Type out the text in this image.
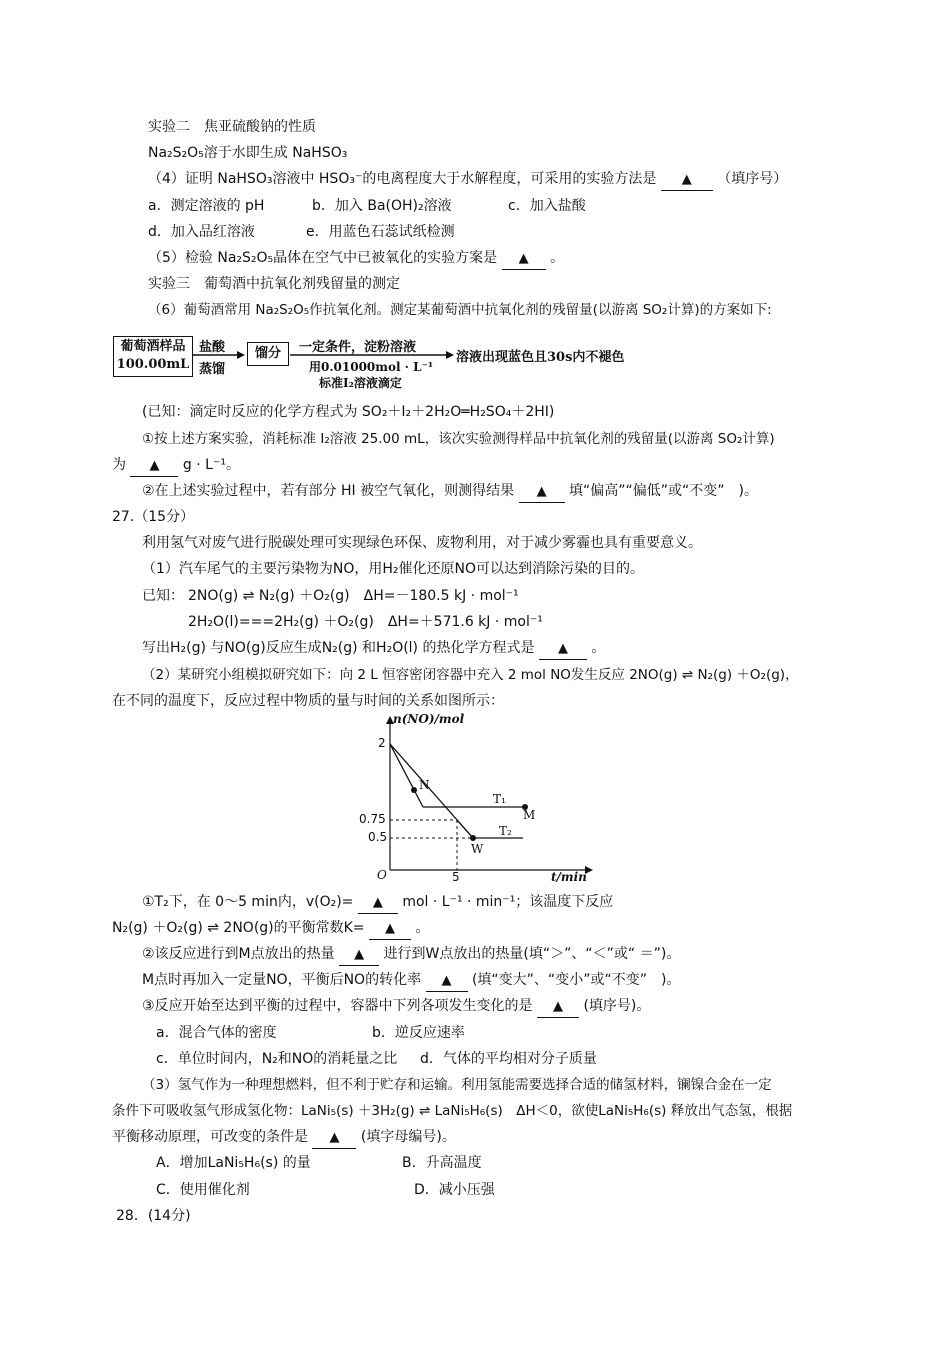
实验二　焦亚硫酸钠的性质
Na₂S₂O₅溶于水即生成 NaHSO₃
（4）证明 NaHSO₃溶液中 HSO₃⁻的电离程度大于水解程度，可采用的实验方法是 ▲ （填序号）
a．测定溶液的 pH	b．加入 Ba(OH)₂溶液	c．加入盐酸
d．加入品红溶液	e．用蓝色石蕊试纸检测
（5）检验 Na₂S₂O₅晶体在空气中已被氧化的实验方案是 ▲ 。
实验三　葡萄酒中抗氧化剂残留量的测定
（6）葡萄酒常用 Na₂S₂O₅作抗氧化剂。测定某葡萄酒中抗氧化剂的残留量(以游离 SO₂计算)的方案如下:
葡萄酒样品
100.00mL
盐酸
蒸馏
馏分	一定条件，淀粉溶液
用0.01000mol · L⁻¹
标准I₂溶液滴定
溶液出现蓝色且30s内不褪色
(已知：滴定时反应的化学方程式为 SO₂＋I₂＋2H₂O═H₂SO₄＋2HI)
①按上述方案实验，消耗标准 I₂溶液 25.00 mL，该次实验测得样品中抗氧化剂的残留量(以游离 SO₂计算)
为 ▲ g · L⁻¹。
②在上述实验过程中，若有部分 HI 被空气氧化，则测得结果 ▲ 填“偏高”“偏低”或“不变”　)。
27.（15分）
利用氢气对废气进行脱碳处理可实现绿色环保、废物利用，对于减少雾霾也具有重要意义。
（1）汽车尾气的主要污染物为NO，用H₂催化还原NO可以达到消除污染的目的。
已知： 2NO(g) ⇌ N₂(g) ＋O₂(g)　ΔH=－180.5 kJ · mol⁻¹
2H₂O(l)===2H₂(g) ＋O₂(g)　ΔH=＋571.6 kJ · mol⁻¹
写出H₂(g) 与NO(g)反应生成N₂(g) 和H₂O(l) 的热化学方程式是 ▲ 。
（2）某研究小组模拟研究如下：向 2 L 恒容密闭容器中充入 2 mol NO发生反应 2NO(g) ⇌ N₂(g) ＋O₂(g)，
在不同的温度下，反应过程中物质的量与时间的关系如图所示：
n(NO)/mol
2
0.75
0.5
O	5	t/min
N
T₁
M
T₂
W
①T₂下，在 0～5 min内，v(O₂)= ▲ mol · L⁻¹ · min⁻¹；该温度下反应
N₂(g) ＋O₂(g) ⇌ 2NO(g)的平衡常数K= ▲ 。
②该反应进行到M点放出的热量 ▲ 进行到W点放出的热量(填“＞”、“＜”或“ ＝”)。
M点时再加入一定量NO，平衡后NO的转化率 ▲ (填“变大”、“变小”或“不变”　)。
③反应开始至达到平衡的过程中，容器中下列各项发生变化的是 ▲ (填序号)。
a．混合气体的密度	b．逆反应速率
c．单位时间内，N₂和NO的消耗量之比 d．气体的平均相对分子质量
（3）氢气作为一种理想燃料，但不利于贮存和运输。利用氢能需要选择合适的储氢材料，镧镍合金在一定
条件下可吸收氢气形成氢化物：LaNi₅(s) ＋3H₂(g) ⇌ LaNi₅H₆(s)　ΔH＜0，欲使LaNi₅H₆(s) 释放出气态氢，根据
平衡移动原理，可改变的条件是 ▲ (填字母编号)。
A．增加LaNi₅H₆(s) 的量	B．升高温度
C．使用催化剂	D．减小压强
28．(14分)
